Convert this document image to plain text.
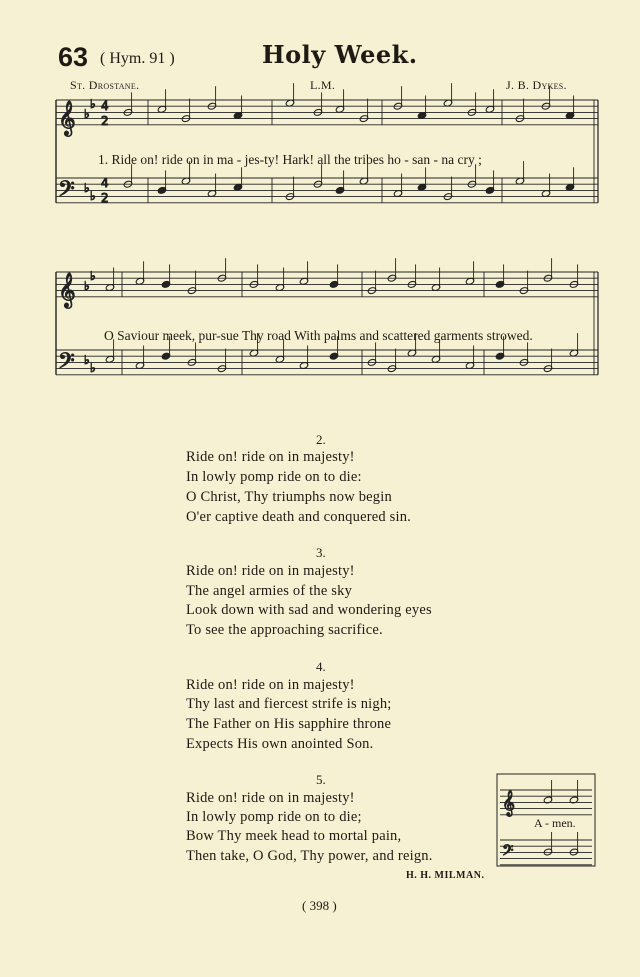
63 ( Hym. 91 )	Holy Week.
St. Drostane.	L.M.	J. B. Dykes.
𝄞
𝄢
𝄞
𝄢
♭
♭
♭
♭
♭
♭
♭
♭
4
2
4
2
𝄞
𝄢
1. Ride on! ride on in ma - jes-ty! Hark! all the tribes ho - san - na cry ;
O Saviour meek, pur-sue Thy road With palms and scattered garments strowed.
2.
Ride on! ride on in majesty!
In lowly pomp ride on to die:
O Christ, Thy triumphs now begin
O'er captive death and conquered sin.
3.
Ride on! ride on in majesty!
The angel armies of the sky
Look down with sad and wondering eyes
To see the approaching sacrifice.
4.
Ride on! ride on in majesty!
Thy last and fiercest strife is nigh;
The Father on His sapphire throne
Expects His own anointed Son.
5.
Ride on! ride on in majesty!
In lowly pomp ride on to die;
Bow Thy meek head to mortal pain,
Then take, O God, Thy power, and reign.
A - men.
H. H. MILMAN.
( 398 )
